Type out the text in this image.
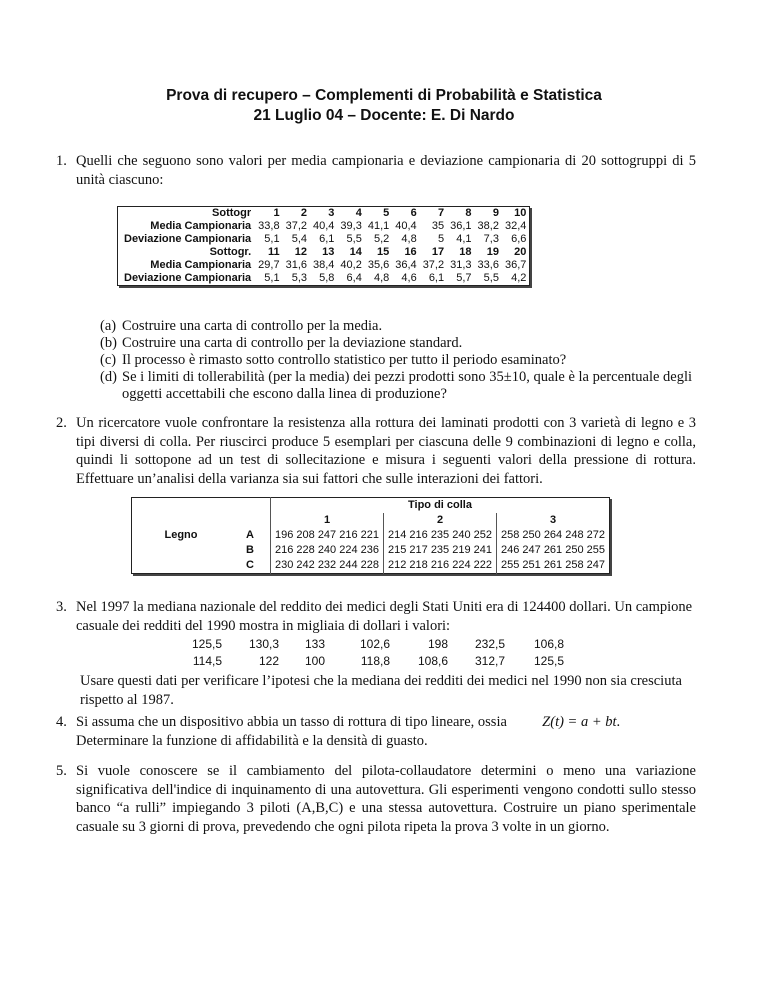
Prova di recupero – Complementi di Probabilità e Statistica
21 Luglio 04 – Docente: E. Di Nardo
1. Quelli che seguono sono valori per media campionaria e deviazione campionaria di 20 sottogruppi di 5 unità ciascuno:
Sottogr	1	2	3	4	5	6	7	8	9	10
Media Campionaria	33,8	37,2	40,4	39,3	41,1	40,4	35	36,1	38,2	32,4
Deviazione Campionaria	5,1	5,4	6,1	5,5	5,2	4,8	5	4,1	7,3	6,6
Sottogr.	11	12	13	14	15	16	17	18	19	20
Media Campionaria	29,7	31,6	38,4	40,2	35,6	36,4	37,2	31,3	33,6	36,7
Deviazione Campionaria	5,1	5,3	5,8	6,4	4,8	4,6	6,1	5,7	5,5	4,2
(a) Costruire una carta di controllo per la media.
(b) Costruire una carta di controllo per la deviazione standard.
(c) Il processo è rimasto sotto controllo statistico per tutto il periodo esaminato?
(d) Se i limiti di tollerabilità (per la media) dei pezzi prodotti sono 35±10, quale è la percentuale degli oggetti accettabili che escono dalla linea di produzione?
2. Un ricercatore vuole confrontare la resistenza alla rottura dei laminati prodotti con 3 varietà di legno e 3 tipi diversi di colla. Per riuscirci produce 5 esemplari per ciascuna delle 9 combinazioni di legno e colla, quindi li sottopone ad un test di sollecitazione e misura i seguenti valori della pressione di rottura. Effettuare un’analisi della varianza sia sui fattori che sulle interazioni dei fattori.
Legno		Tipo di colla		
		1	2	3
	A	196 208 247 216 221	214 216 235 240 252	258 250 264 248 272
	B	216 228 240 224 236	215 217 235 219 241	246 247 261 250 255
	C	230 242 232 244 228	212 218 216 224 222	255 251 261 258 247
3. Nel 1997 la mediana nazionale del reddito dei medici degli Stati Uniti era di 124400 dollari. Un campione casuale dei redditi del 1990 mostra in migliaia di dollari i valori:
125,5 130,3 133	102,6	198 232,5 106,8
114,5	122 100	118,8 108,6 312,7 125,5
Usare questi dati per verificare l’ipotesi che la mediana dei redditi dei medici nel 1990 non sia cresciuta rispetto al 1987.
4. Si assuma che un dispositivo abbia un tasso di rottura di tipo lineare, ossia Z(t) = a + bt.
Determinare la funzione di affidabilità e la densità di guasto.
5. Si vuole conoscere se il cambiamento del pilota-collaudatore determini o meno una variazione significativa dell'indice di inquinamento di una autovettura. Gli esperimenti vengono condotti sullo stesso banco “a rulli” impiegando 3 piloti (A,B,C) e una stessa autovettura. Costruire un piano sperimentale casuale su 3 giorni di prova, prevedendo che ogni pilota ripeta la prova 3 volte in un giorno.
